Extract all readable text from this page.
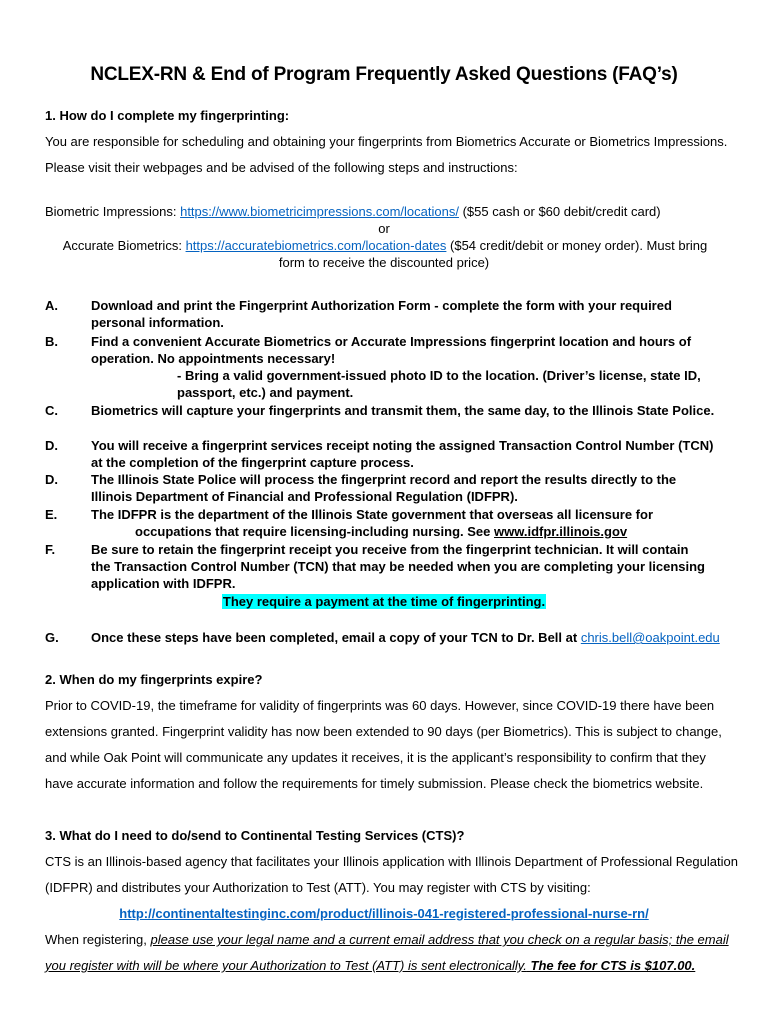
NCLEX-RN & End of Program Frequently Asked Questions (FAQ’s)
1. How do I complete my fingerprinting:
You are responsible for scheduling and obtaining your fingerprints from Biometrics Accurate or Biometrics Impressions.
Please visit their webpages and be advised of the following steps and instructions:
Biometric Impressions: https://www.biometricimpressions.com/locations/ ($55 cash or $60 debit/credit card)
or
Accurate Biometrics: https://accuratebiometrics.com/location-dates ($54 credit/debit or money order). Must bring
form to receive the discounted price)
A.	Download and print the Fingerprint Authorization Form - complete the form with your required personal information.
B.	Find a convenient Accurate Biometrics or Accurate Impressions fingerprint location and hours of operation. No appointments necessary!
- Bring a valid government-issued photo ID to the location. (Driver’s license, state ID, passport, etc.) and payment.
C.	Biometrics will capture your fingerprints and transmit them, the same day, to the Illinois State Police.
D.	You will receive a fingerprint services receipt noting the assigned Transaction Control Number (TCN) at the completion of the fingerprint capture process.
D.	The Illinois State Police will process the fingerprint record and report the results directly to the Illinois Department of Financial and Professional Regulation (IDFPR).
E.	The IDFPR is the department of the Illinois State government that overseas all licensure for
occupations that require licensing-including nursing. See www.idfpr.illinois.gov
F.	Be sure to retain the fingerprint receipt you receive from the fingerprint technician. It will contain the Transaction Control Number (TCN) that may be needed when you are completing your licensing application with IDFPR.
They require a payment at the time of fingerprinting.
G.	Once these steps have been completed, email a copy of your TCN to Dr. Bell at chris.bell@oakpoint.edu
2. When do my fingerprints expire?
Prior to COVID-19, the timeframe for validity of fingerprints was 60 days. However, since COVID-19 there have been
extensions granted. Fingerprint validity has now been extended to 90 days (per Biometrics). This is subject to change,
and while Oak Point will communicate any updates it receives, it is the applicant’s responsibility to confirm that they
have accurate information and follow the requirements for timely submission. Please check the biometrics website.
3. What do I need to do/send to Continental Testing Services (CTS)?
CTS is an Illinois-based agency that facilitates your Illinois application with Illinois Department of Professional Regulation
(IDFPR) and distributes your Authorization to Test (ATT). You may register with CTS by visiting:
http://continentaltestinginc.com/product/illinois-041-registered-professional-nurse-rn/
When registering, please use your legal name and a current email address that you check on a regular basis; the email
you register with will be where your Authorization to Test (ATT) is sent electronically. The fee for CTS is $107.00.
